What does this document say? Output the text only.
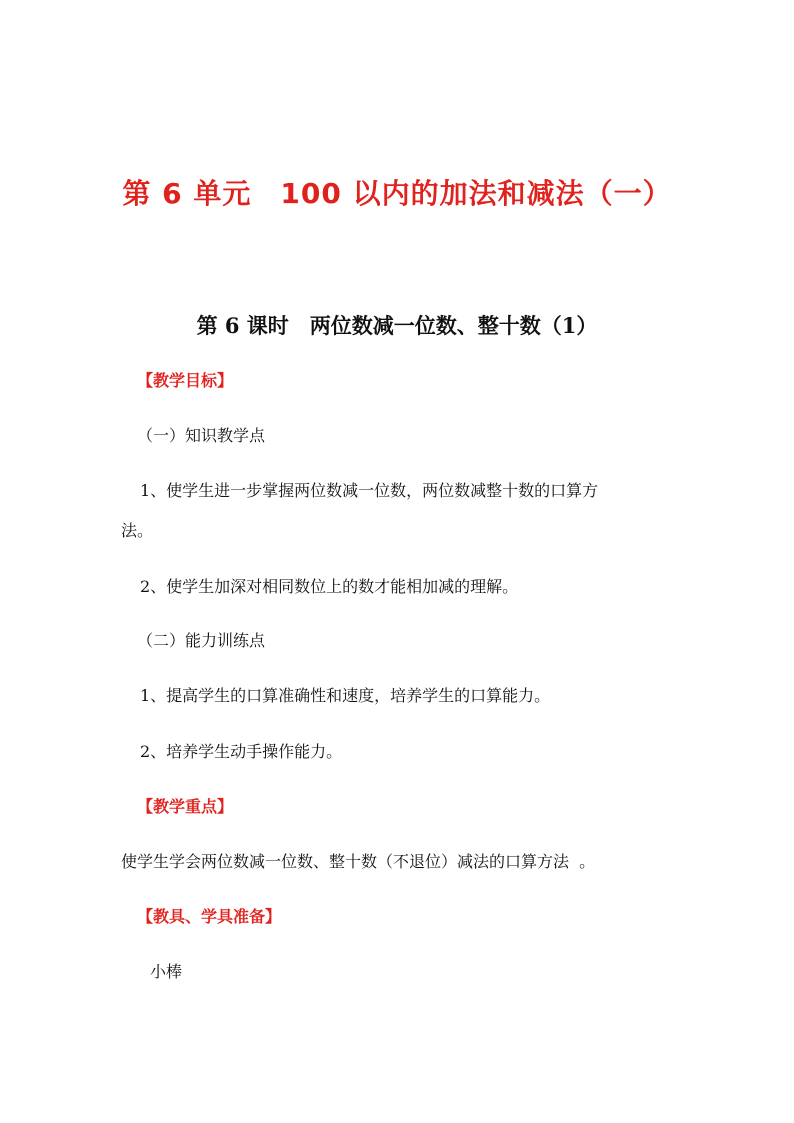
第 6 单元　100 以内的加法和减法（一）
第 6 课时　两位数减一位数、整十数（1）
【教学目标】
（一）知识教学点
1、使学生进一步掌握两位数减一位数，两位数减整十数的口算方
法。
2、使学生加深对相同数位上的数才能相加减的理解。
（二）能力训练点
1、提高学生的口算准确性和速度，培养学生的口算能力。
2、培养学生动手操作能力。
【教学重点】
使学生学会两位数减一位数、整十数（不退位）减法的口算方法  。
【教具、学具准备】
小棒
